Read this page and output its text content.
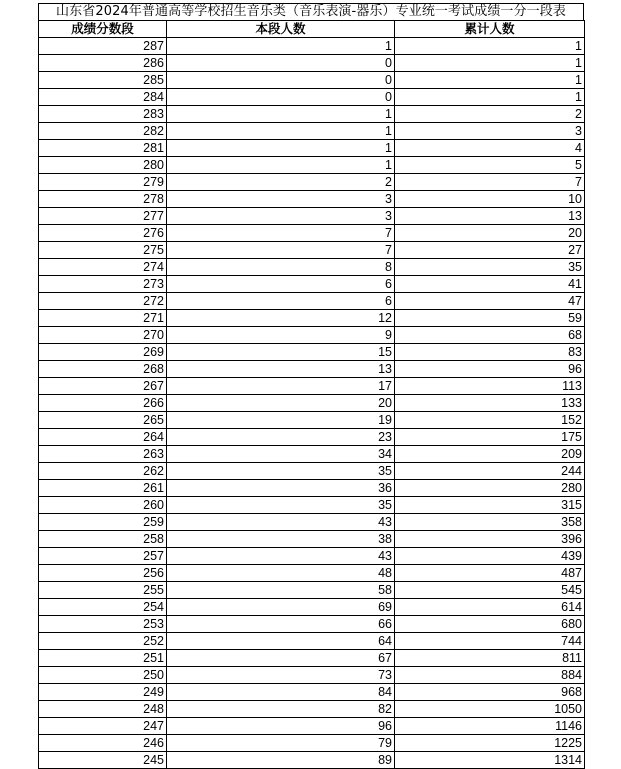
山东省2024年普通高等学校招生音乐类（音乐表演-器乐）专业统一考试成绩一分一段表
成绩分数段	本段人数	累计人数
287	1	1
286	0	1
285	0	1
284	0	1
283	1	2
282	1	3
281	1	4
280	1	5
279	2	7
278	3	10
277	3	13
276	7	20
275	7	27
274	8	35
273	6	41
272	6	47
271	12	59
270	9	68
269	15	83
268	13	96
267	17	113
266	20	133
265	19	152
264	23	175
263	34	209
262	35	244
261	36	280
260	35	315
259	43	358
258	38	396
257	43	439
256	48	487
255	58	545
254	69	614
253	66	680
252	64	744
251	67	811
250	73	884
249	84	968
248	82	1050
247	96	1146
246	79	1225
245	89	1314
